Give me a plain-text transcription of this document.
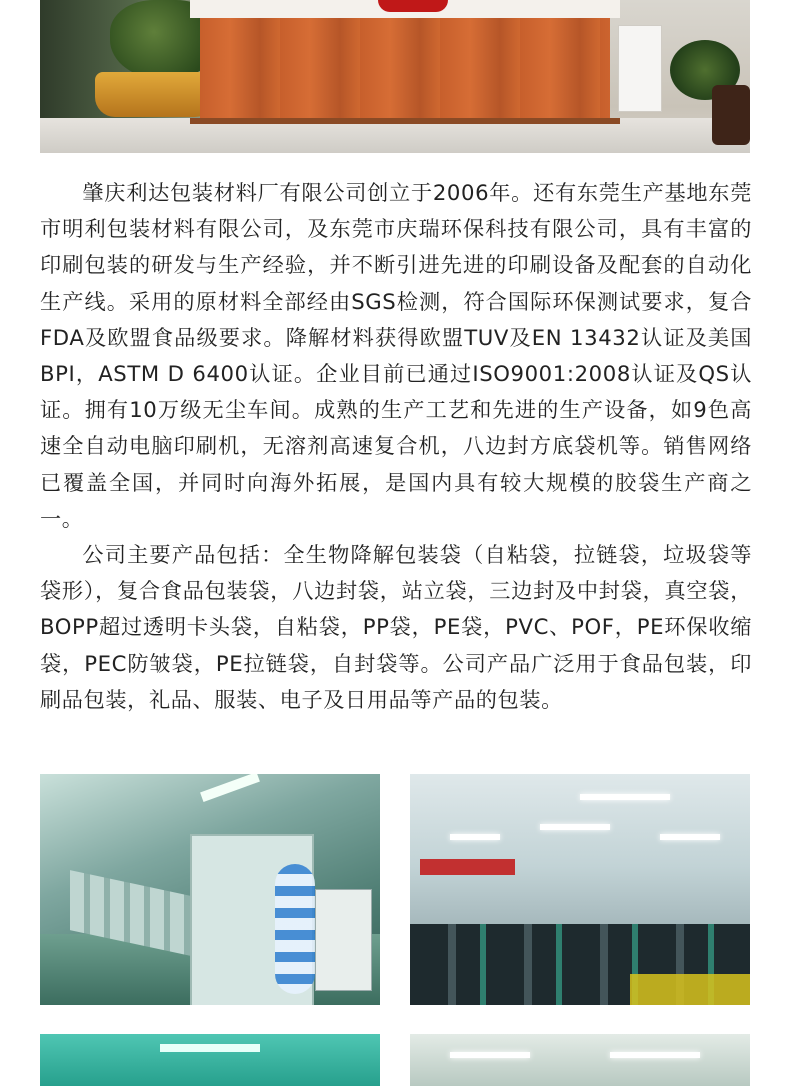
肇庆利达包装材料厂有限公司创立于2006年。还有东莞生产基地东莞市明利包装材料有限公司，及东莞市庆瑞环保科技有限公司，具有丰富的印刷包装的研发与生产经验，并不断引进先进的印刷设备及配套的自动化生产线。采用的原材料全部经由SGS检测，符合国际环保测试要求，复合FDA及欧盟食品级要求。降解材料获得欧盟TUV及EN 13432认证及美国BPI，ASTM D 6400认证。企业目前已通过ISO9001:2008认证及QS认证。拥有10万级无尘车间。成熟的生产工艺和先进的生产设备，如9色高速全自动电脑印刷机，无溶剂高速复合机，八边封方底袋机等。销售网络已覆盖全国，并同时向海外拓展，是国内具有较大规模的胶袋生产商之一。

公司主要产品包括：全生物降解包装袋（自粘袋，拉链袋，垃圾袋等袋形），复合食品包装袋，八边封袋，站立袋，三边封及中封袋，真空袋，BOPP超过透明卡头袋，自粘袋，PP袋，PE袋，PVC、POF，PE环保收缩袋，PEC防皱袋，PE拉链袋，自封袋等。公司产品广泛用于食品包装，印刷品包装，礼品、服装、电子及日用品等产品的包装。
